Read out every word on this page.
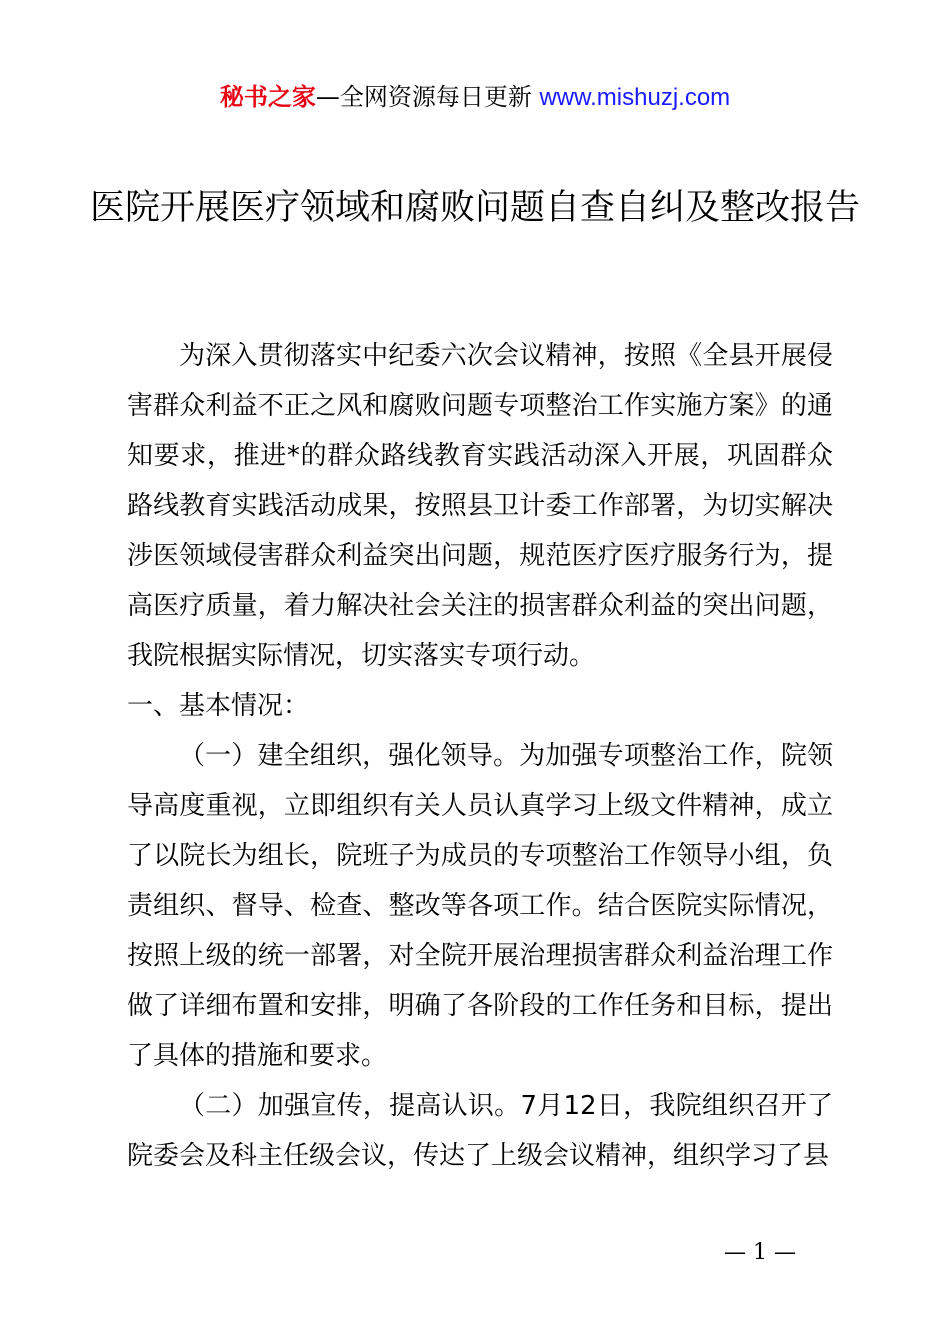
秘书之家—全网资源每日更新 www.mishuzj.com
医院开展医疗领域和腐败问题自查自纠及整改报告

为深入贯彻落实中纪委六次会议精神，按照《全县开展侵害群众利益不正之风和腐败问题专项整治工作实施方案》的通知要求，推进*的群众路线教育实践活动深入开展，巩固群众路线教育实践活动成果，按照县卫计委工作部署，为切实解决涉医领域侵害群众利益突出问题，规范医疗医疗服务行为，提高医疗质量，着力解决社会关注的损害群众利益的突出问题，我院根据实际情况，切实落实专项行动。

一、基本情况：

（一）建全组织，强化领导。为加强专项整治工作，院领导高度重视，立即组织有关人员认真学习上级文件精神，成立了以院长为组长，院班子为成员的专项整治工作领导小组，负责组织、督导、检查、整改等各项工作。结合医院实际情况，按照上级的统一部署，对全院开展治理损害群众利益治理工作做了详细布置和安排，明确了各阶段的工作任务和目标，提出了具体的措施和要求。

（二）加强宣传，提高认识。7月12日，我院组织召开了院委会及科主任级会议，传达了上级会议精神，组织学习了县

— 1 —
